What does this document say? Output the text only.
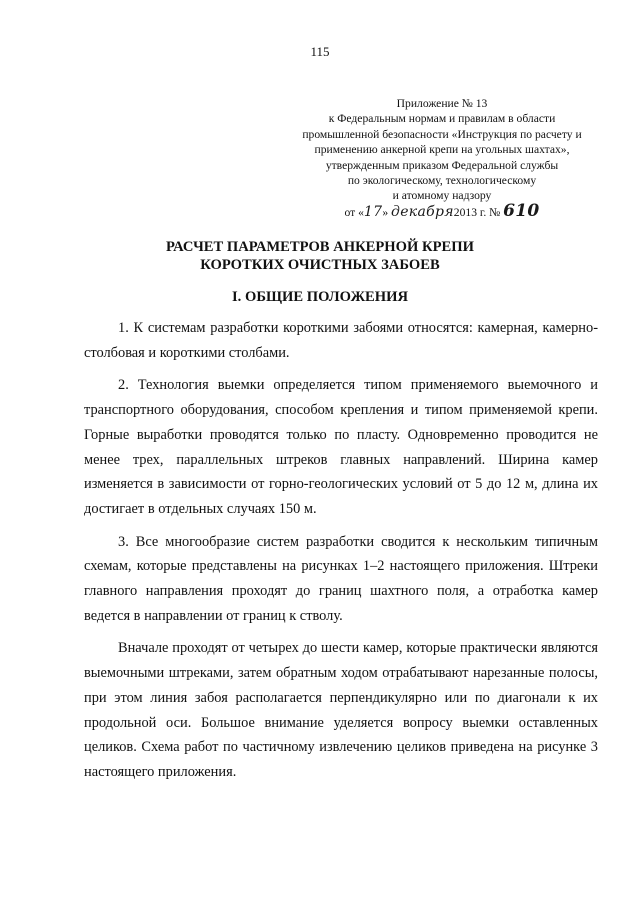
115
Приложение № 13
к Федеральным нормам и правилам в области
промышленной безопасности «Инструкция по расчету и
применению анкерной крепи на угольных шахтах»,
утвержденным приказом Федеральной службы
по экологическому, технологическому
и атомному надзору
от «17» декабря2013 г. № 610
РАСЧЕТ ПАРАМЕТРОВ АНКЕРНОЙ КРЕПИ
КОРОТКИХ ОЧИСТНЫХ ЗАБОЕВ
I. ОБЩИЕ ПОЛОЖЕНИЯ

1. К системам разработки короткими забоями относятся: камерная, камерно-столбовая и короткими столбами.

2. Технология выемки определяется типом применяемого выемочного и транспортного оборудования, способом крепления и типом применяемой крепи. Горные выработки проводятся только по пласту. Одновременно проводится не менее трех, параллельных штреков главных направлений. Ширина камер изменяется в зависимости от горно-геологических условий от 5 до 12 м, длина их достигает в отдельных случаях 150 м.

3. Все многообразие систем разработки сводится к нескольким типичным схемам, которые представлены на рисунках 1–2 настоящего приложения. Штреки главного направления проходят до границ шахтного поля, а отработка камер ведется в направлении от границ к стволу.

Вначале проходят от четырех до шести камер, которые практически являются выемочными штреками, затем обратным ходом отрабатывают нарезанные полосы, при этом линия забоя располагается перпендикулярно или по диагонали к их продольной оси. Большое внимание уделяется вопросу выемки оставленных целиков. Схема работ по частичному извлечению целиков приведена на рисунке 3 настоящего приложения.
